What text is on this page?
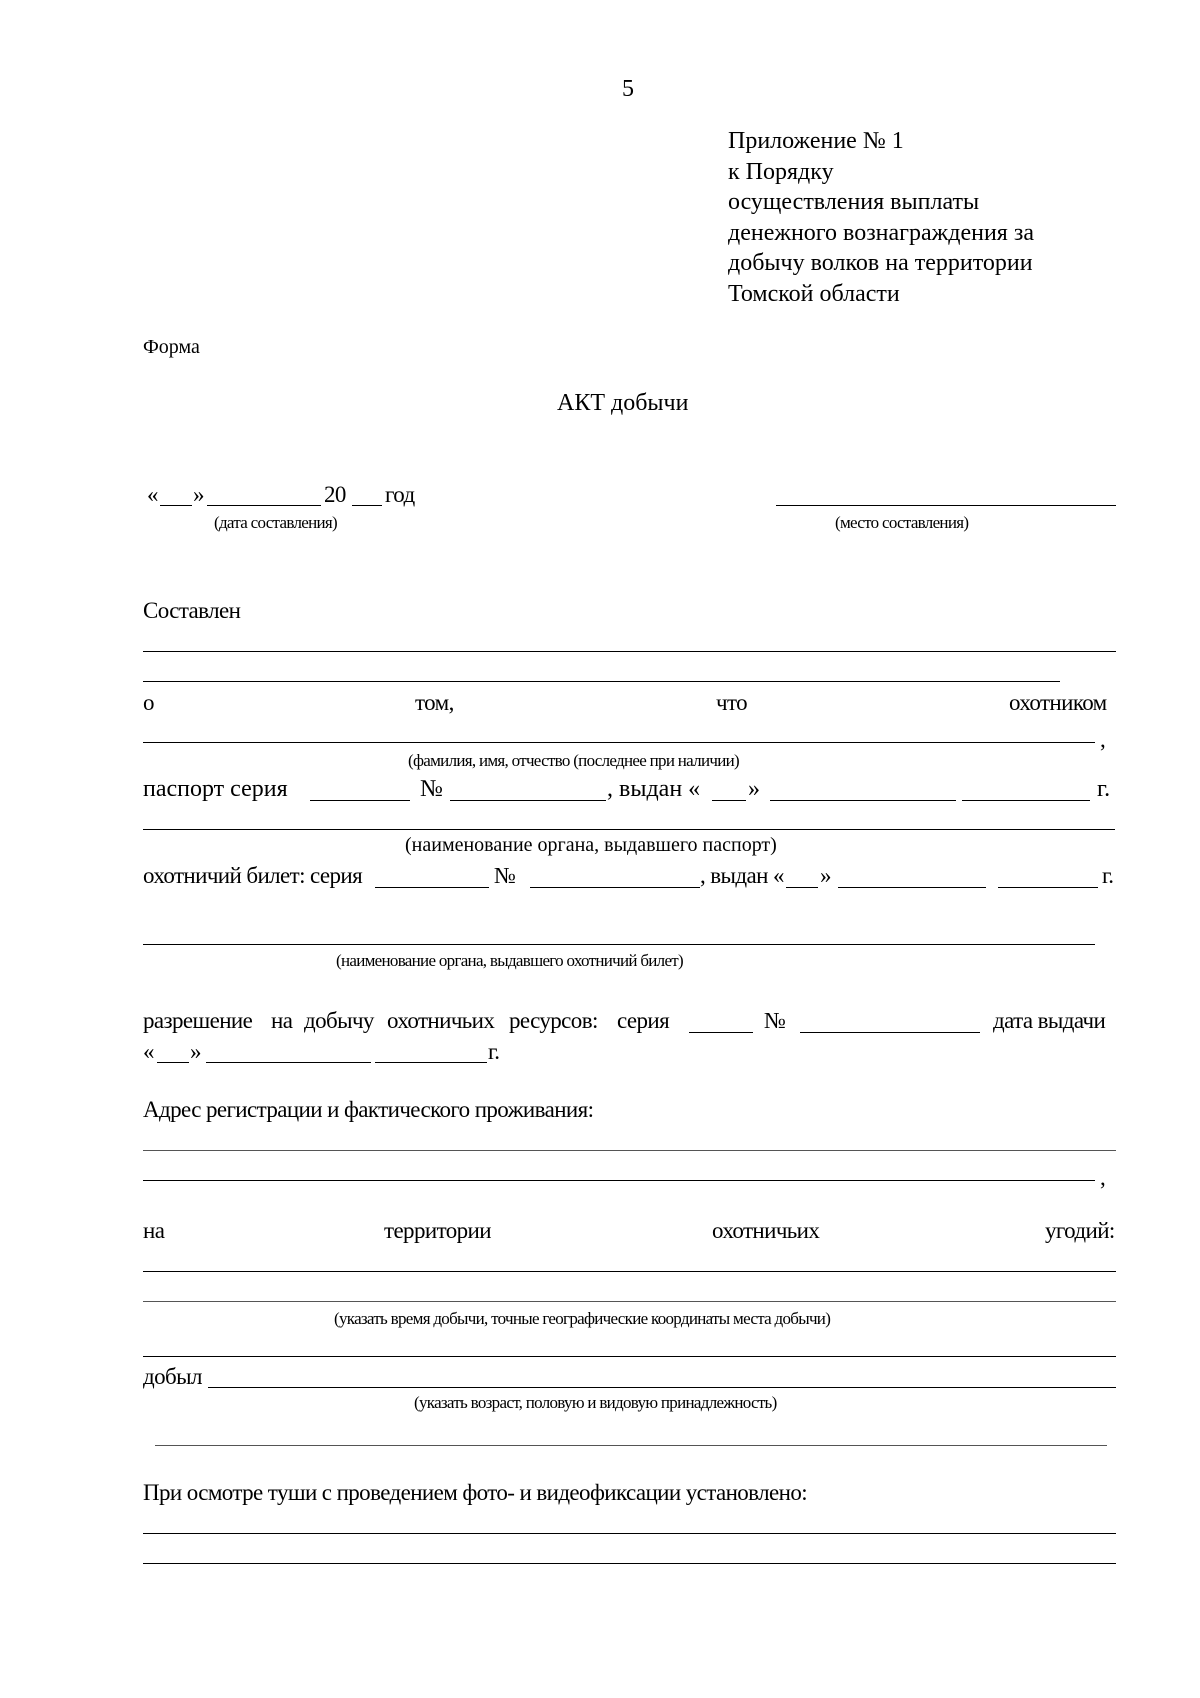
5
Приложение № 1
к Порядку
осуществления выплаты
денежного вознаграждения за
добычу волков на территории
Томской области
Форма
АКТ добычи
« »	20 год
(дата составления)	(место составления)
Составлен
о	том,	что	охотником
,
(фамилия, имя, отчество (последнее при наличии)
паспорт серия	№	, выдан « »	г.
(наименование органа, выдавшего паспорт)
охотничий билет: серия	№	, выдан « »	г.
(наименование органа, выдавшего охотничий билет)
разрешение на добычу охотничьих ресурсов: серия	№	дата выдачи
« »	г.
Адрес регистрации и фактического проживания:
,
на	территории	охотничьих	угодий:
(указать время добычи, точные географические координаты места добычи)
добыл
(указать возраст, половую и видовую принадлежность)
При осмотре туши с проведением фото- и видеофиксации установлено:
